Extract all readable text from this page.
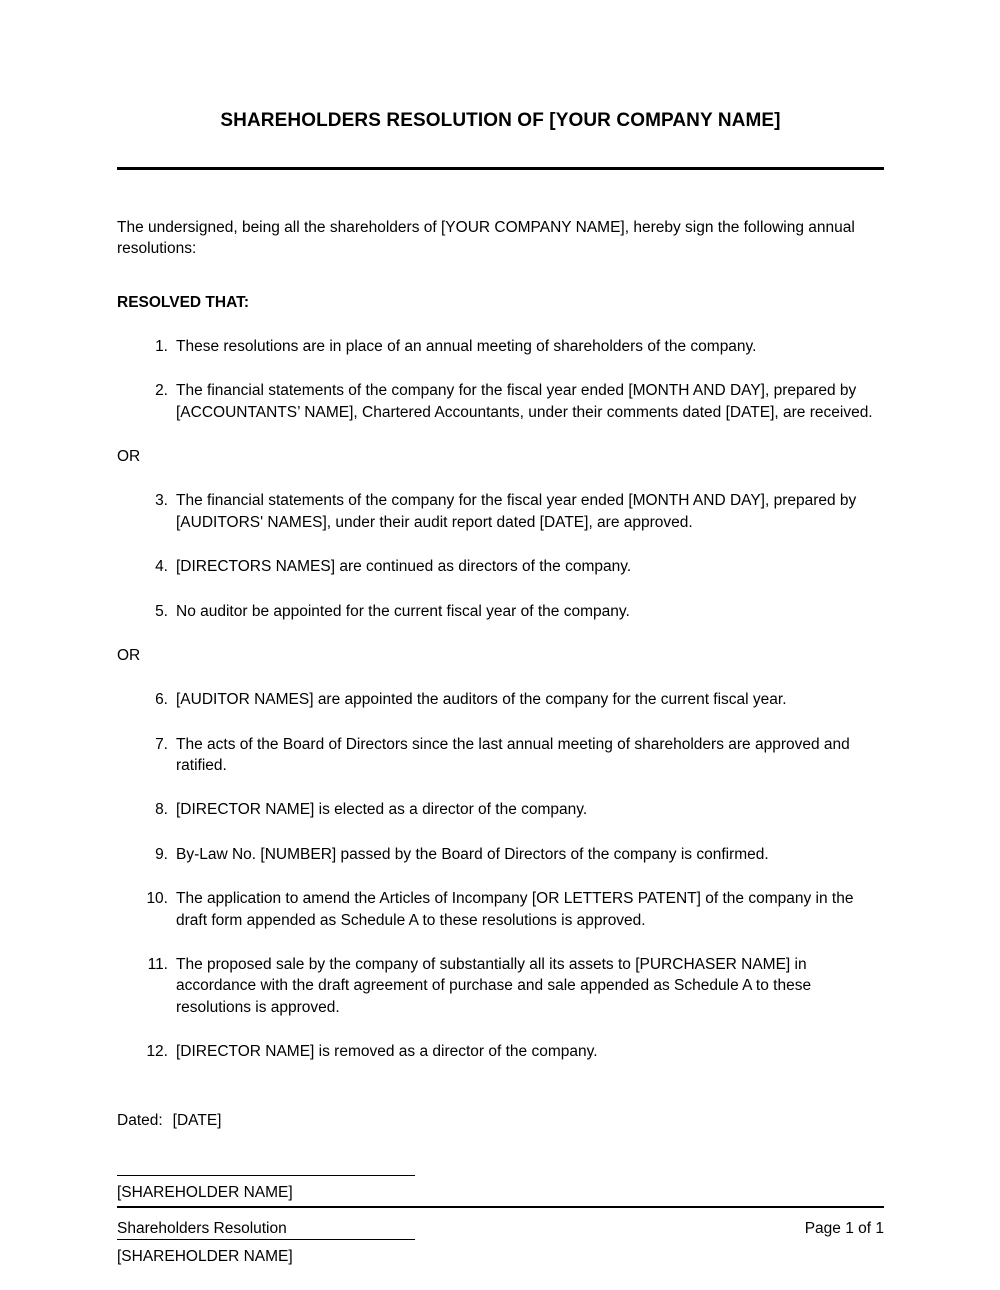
SHAREHOLDERS RESOLUTION OF [YOUR COMPANY NAME]

The undersigned, being all the shareholders of [YOUR COMPANY NAME], hereby sign the following annual resolutions:

RESOLVED THAT:

1. These resolutions are in place of an annual meeting of shareholders of the company.
2. The financial statements of the company for the fiscal year ended [MONTH AND DAY], prepared by [ACCOUNTANTS’ NAME], Chartered Accountants, under their comments dated [DATE], are received.

OR

3. The financial statements of the company for the fiscal year ended [MONTH AND DAY], prepared by [AUDITORS' NAMES], under their audit report dated [DATE], are approved.
4. [DIRECTORS NAMES] are continued as directors of the company.
5. No auditor be appointed for the current fiscal year of the company.

OR

6. [AUDITOR NAMES] are appointed the auditors of the company for the current fiscal year.
7. The acts of the Board of Directors since the last annual meeting of shareholders are approved and ratified.
8. [DIRECTOR NAME] is elected as a director of the company.
9. By-Law No. [NUMBER] passed by the Board of Directors of the company is confirmed.
10. The application to amend the Articles of Incompany [OR LETTERS PATENT] of the company in the draft form appended as Schedule A to these resolutions is approved.
11. The proposed sale by the company of substantially all its assets to [PURCHASER NAME] in accordance with the draft agreement of purchase and sale appended as Schedule A to these resolutions is approved.
12. [DIRECTOR NAME] is removed as a director of the company.

Dated: [DATE]

[SHAREHOLDER NAME]

[SHAREHOLDER NAME]

Shareholders Resolution	Page 1 of 1
